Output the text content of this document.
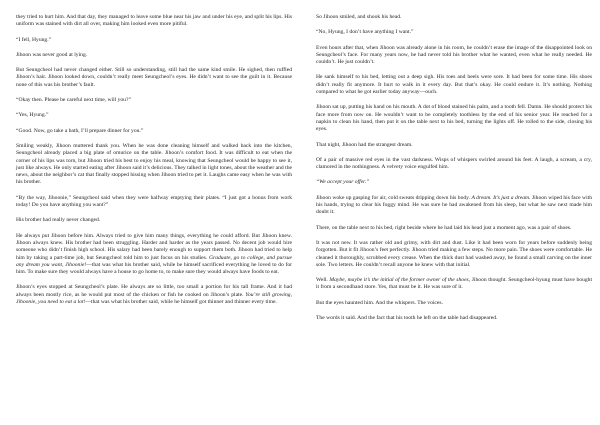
they tried to hurt him. And that day, they managed to leave some blue near his jaw and under his eye, and split his lips. His uniform was stained with dirt all over, making him looked even more pitiful.

“I fell, Hyung.”

Jihoon was never good at lying.

But Seungcheol had never changed either. Still so understanding, still had the same kind smile. He sighed, then ruffled Jihoon’s hair. Jihoon looked down, couldn’t really meet Seungcheol’s eyes. He didn’t want to see the guilt in it. Because none of this was his brother’s fault.

“Okay then. Please be careful next time, will you?”

“Yes, Hyung.”

“Good. Now, go take a bath, I’ll prepare dinner for you.”

Smiling weakly, Jihoon muttered thank you. When he was done cleaning himself and walked back into the kitchen, Seungcheol already placed a big plate of omurice on the table. Jihoon’s comfort food. It was difficult to eat when the corner of his lips was torn, but Jihoon tried his best to enjoy his meal, knowing that Seungcheol would be happy to see it, just like always. He only started eating after Jihoon said it’s delicious. They talked in light tones, about the weather and the news, about the neighbor’s cat that finally stopped hissing when Jihoon tried to pet it. Laughs came easy when he was with his brother.

“By the way, Jihoonie,” Seungcheol said when they were halfway emptying their plates. “I just got a bonus from work today! Do you have anything you want?”

His brother had really never changed.

He always put Jihoon before him. Always tried to give him many things, everything he could afford. But Jihoon knew. Jihoon always knew. His brother had been struggling. Harder and harder as the years passed. No decent job would hire someone who didn’t finish high school. His salary had been barely enough to support them both. Jihoon had tried to help him by taking a part-time job, but Seungcheol told him to just focus on his studies. Graduate, go to college, and pursue any dream you want, Jihoonie!—that was what his brother said, while he himself sacrificed everything he loved to do for him. To make sure they would always have a house to go home to, to make sure they would always have foods to eat.

Jihoon’s eyes stopped at Seungcheol’s plate. He always ate so little, too small a portion for his tall frame. And it had always been mostly rice, as he would put most of the chicken or fish he cooked on Jihoon’s plate. You’re still growing, Jihoonie, you need to eat a lot!—that was what his brother said, while he himself got thinner and thinner every time.

So Jihoon smiled, and shook his head.

“No, Hyung, I don’t have anything I want.”

Even hours after that, when Jihoon was already alone in his room, he couldn’t erase the image of the disappointed look on Seungcheol’s face. For many years now, he had never told his brother what he wanted, even what he really needed. He couldn’t. He just couldn’t.

He sank himself to his bed, letting out a deep sigh. His toes and heels were sore. It had been for some time. His shoes didn’t really fit anymore. It hurt to walk in it every day. But that’s okay. He could endure it. It’s nothing. Nothing compared to what he got earlier today anyway—ouch.

Jihoon sat up, putting his hand on his mouth. A dot of blood stained his palm, and a tooth fell. Damn. He should protect his face more from now on. He wouldn’t want to be completely toothless by the end of his senior year. He reached for a napkin to clean his hand, then put it on the table next to his bed, turning the lights off. He rolled to the side, closing his eyes.

That night, Jihoon had the strangest dream.

Of a pair of massive red eyes in the vast darkness. Wisps of whispers swirled around his feet. A laugh, a scream, a cry, clamored in the nothingness. A velvety voice engulfed him.

“We accept your offer.”

Jihoon woke up gasping for air, cold sweats dripping down his body. A dream. It’s just a dream. Jihoon wiped his face with his hands, trying to clear his foggy mind. He was sure he had awakened from his sleep, but what he saw next made him doubt it.

There, on the table next to his bed, right beside where he had laid his head just a moment ago, was a pair of shoes.

It was not new. It was rather old and grimy, with dirt and dust. Like it had been worn for years before suddenly being forgotten. But it fit Jihoon’s feet perfectly. Jihoon tried making a few steps. No more pain. The shoes were comfortable. He cleaned it thoroughly, scrubbed every crease. When the thick dust had washed away, he found a small carving on the inner sole. Two letters. He couldn’t recall anyone he knew with that initial.

Well. Maybe, maybe it’s the initial of the former owner of the shoes, Jihoon thought. Seungcheol-hyung must have bought it from a secondhand store. Yes, that must be it. He was sure of it.

But the eyes haunted him. And the whispers. The voices.

The words it said. And the fact that his tooth he left on the table had disappeared.
